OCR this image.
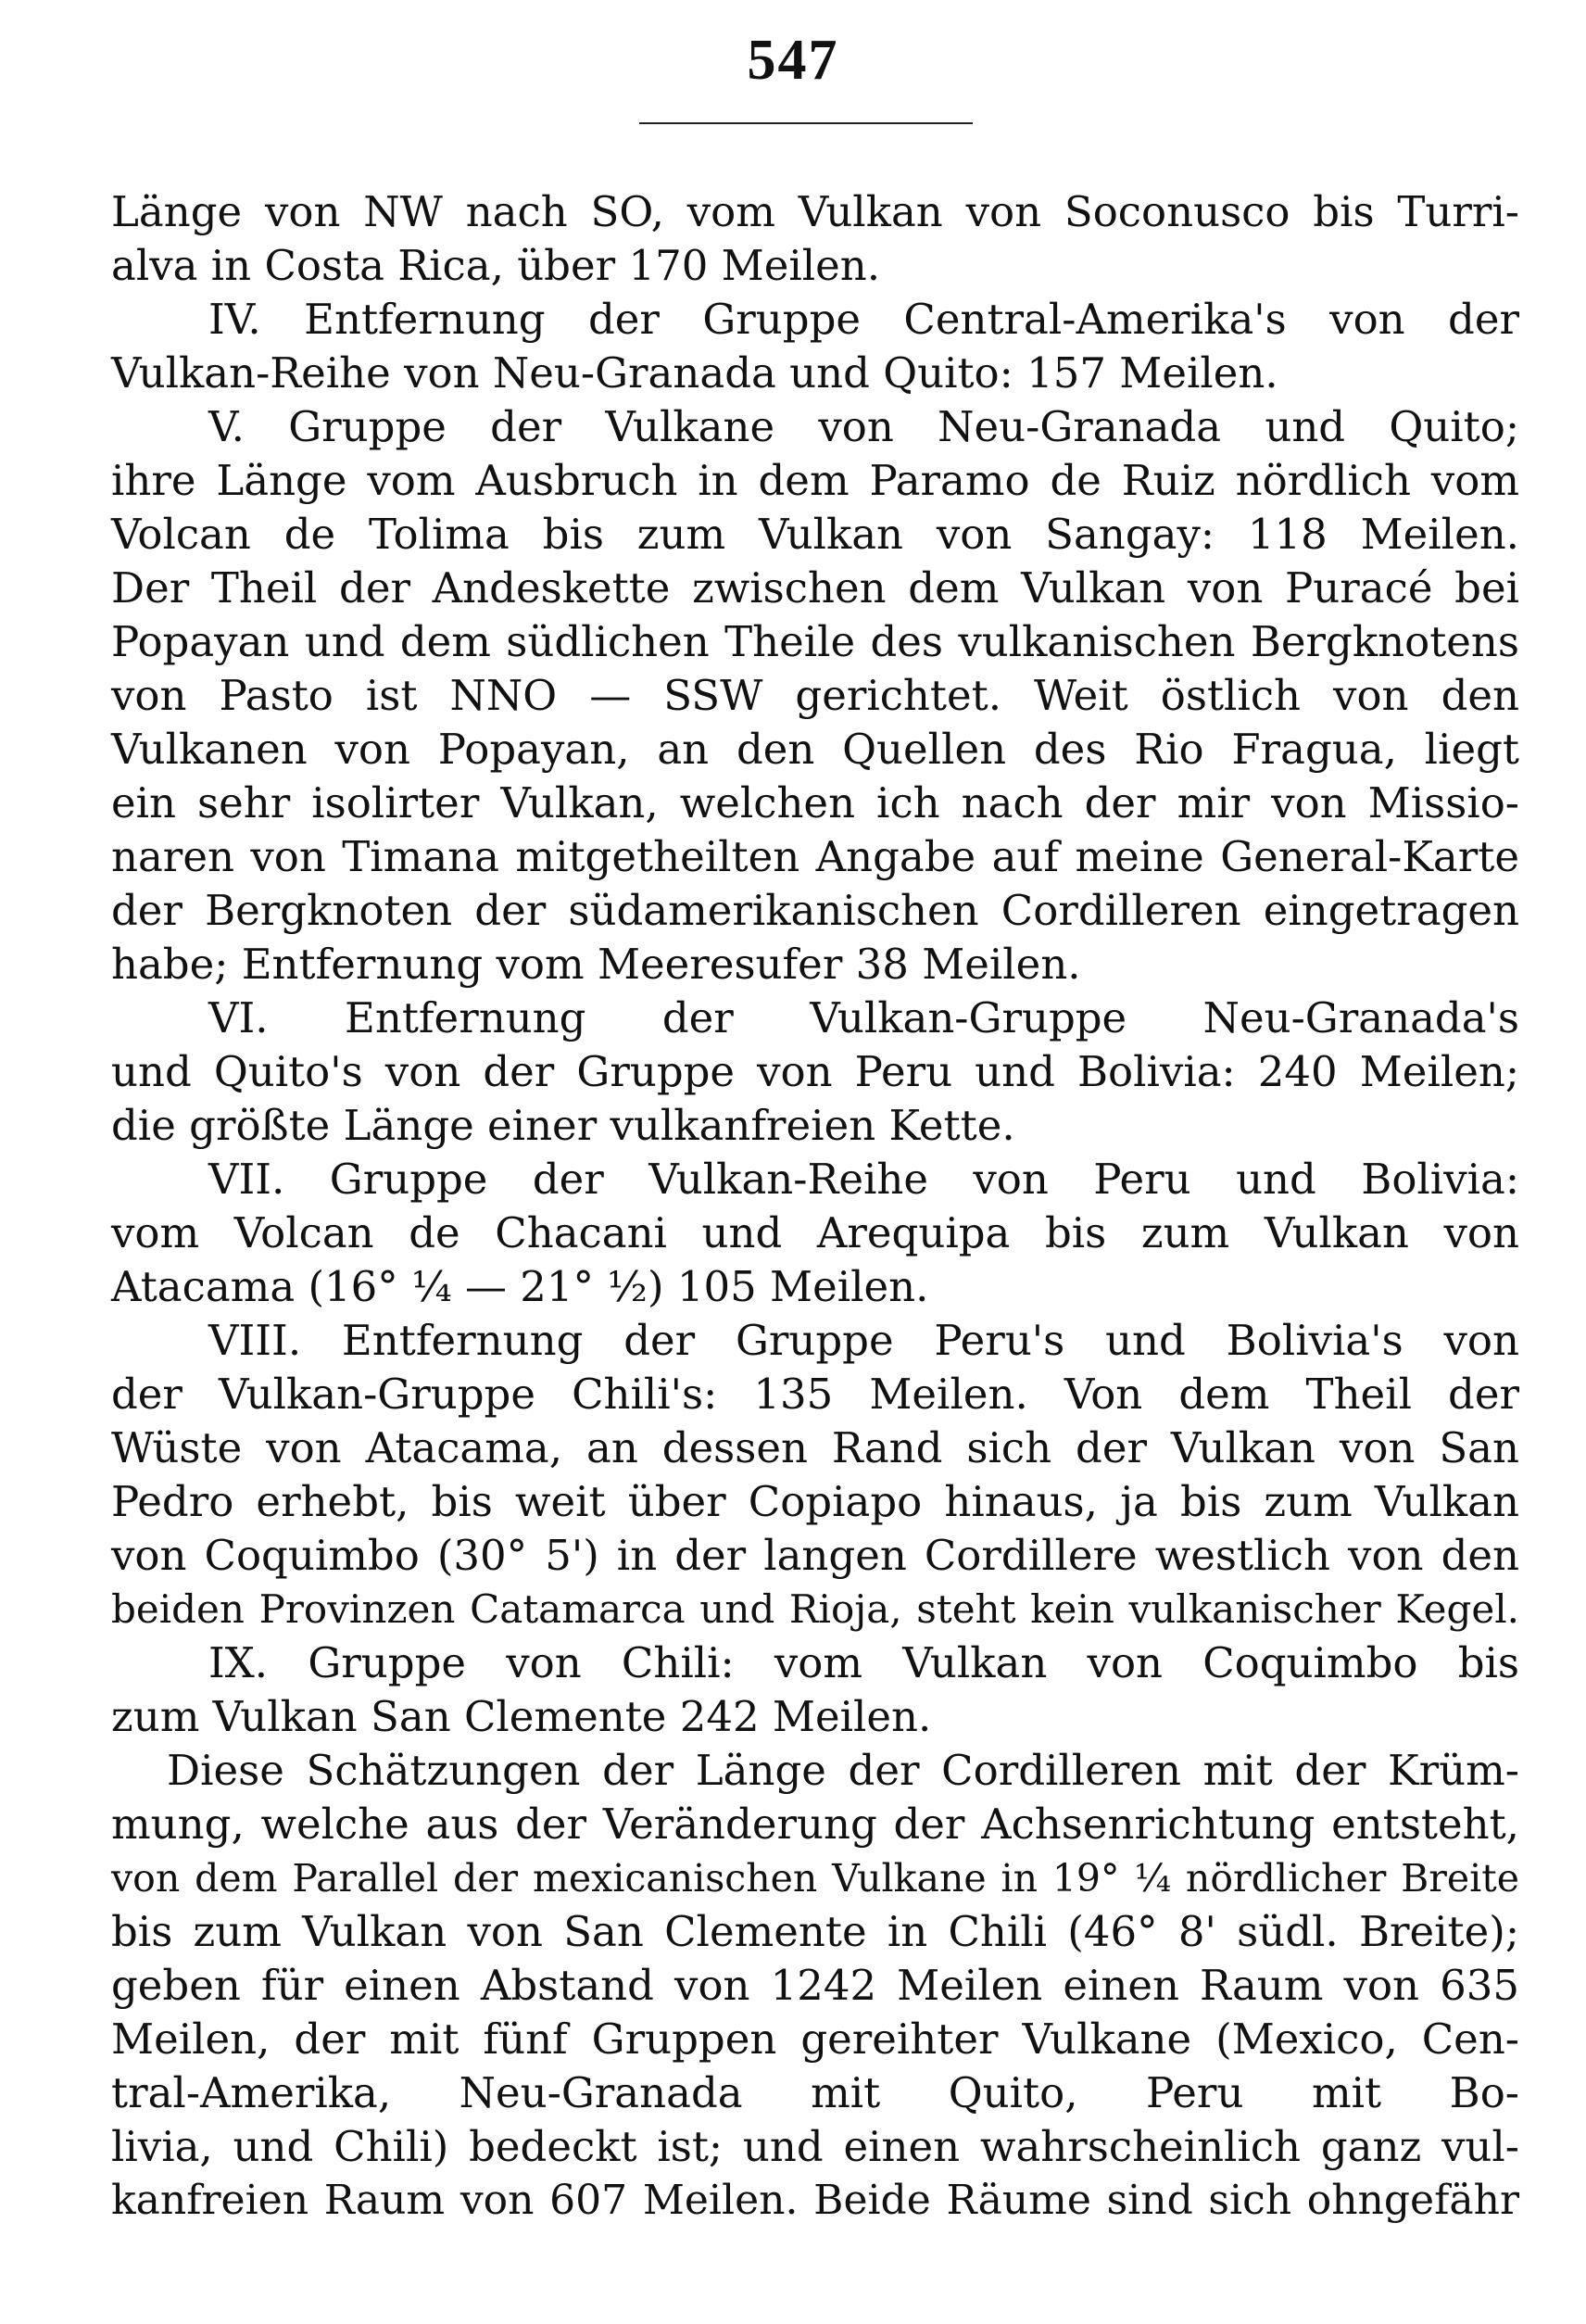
547
Länge von NW nach SO, vom Vulkan von Soconusco bis Turri-
alva in Costa Rica, über 170 Meilen.
IV. Entfernung der Gruppe Central-Amerika's von der
Vulkan-Reihe von Neu-Granada und Quito: 157 Meilen.
V. Gruppe der Vulkane von Neu-Granada und Quito;
ihre Länge vom Ausbruch in dem Paramo de Ruiz nördlich vom
Volcan de Tolima bis zum Vulkan von Sangay: 118 Meilen.
Der Theil der Andeskette zwischen dem Vulkan von Puracé bei
Popayan und dem südlichen Theile des vulkanischen Bergknotens
von Pasto ist NNO — SSW gerichtet. Weit östlich von den
Vulkanen von Popayan, an den Quellen des Rio Fragua, liegt
ein sehr isolirter Vulkan, welchen ich nach der mir von Missio-
naren von Timana mitgetheilten Angabe auf meine General-Karte
der Bergknoten der südamerikanischen Cordilleren eingetragen
habe; Entfernung vom Meeresufer 38 Meilen.
VI. Entfernung der Vulkan-Gruppe Neu-Granada's
und Quito's von der Gruppe von Peru und Bolivia: 240 Meilen;
die größte Länge einer vulkanfreien Kette.
VII. Gruppe der Vulkan-Reihe von Peru und Bolivia:
vom Volcan de Chacani und Arequipa bis zum Vulkan von
Atacama (16° ¼ — 21° ½) 105 Meilen.
VIII. Entfernung der Gruppe Peru's und Bolivia's von
der Vulkan-Gruppe Chili's: 135 Meilen. Von dem Theil der
Wüste von Atacama, an dessen Rand sich der Vulkan von San
Pedro erhebt, bis weit über Copiapo hinaus, ja bis zum Vulkan
von Coquimbo (30° 5') in der langen Cordillere westlich von den
beiden Provinzen Catamarca und Rioja, steht kein vulkanischer Kegel.
IX. Gruppe von Chili: vom Vulkan von Coquimbo bis
zum Vulkan San Clemente 242 Meilen.
Diese Schätzungen der Länge der Cordilleren mit der Krüm-
mung, welche aus der Veränderung der Achsenrichtung entsteht,
von dem Parallel der mexicanischen Vulkane in 19° ¼ nördlicher Breite
bis zum Vulkan von San Clemente in Chili (46° 8' südl. Breite);
geben für einen Abstand von 1242 Meilen einen Raum von 635
Meilen, der mit fünf Gruppen gereihter Vulkane (Mexico, Cen-
tral-Amerika, Neu-Granada mit Quito, Peru mit Bo-
livia, und Chili) bedeckt ist; und einen wahrscheinlich ganz vul-
kanfreien Raum von 607 Meilen. Beide Räume sind sich ohngefähr
